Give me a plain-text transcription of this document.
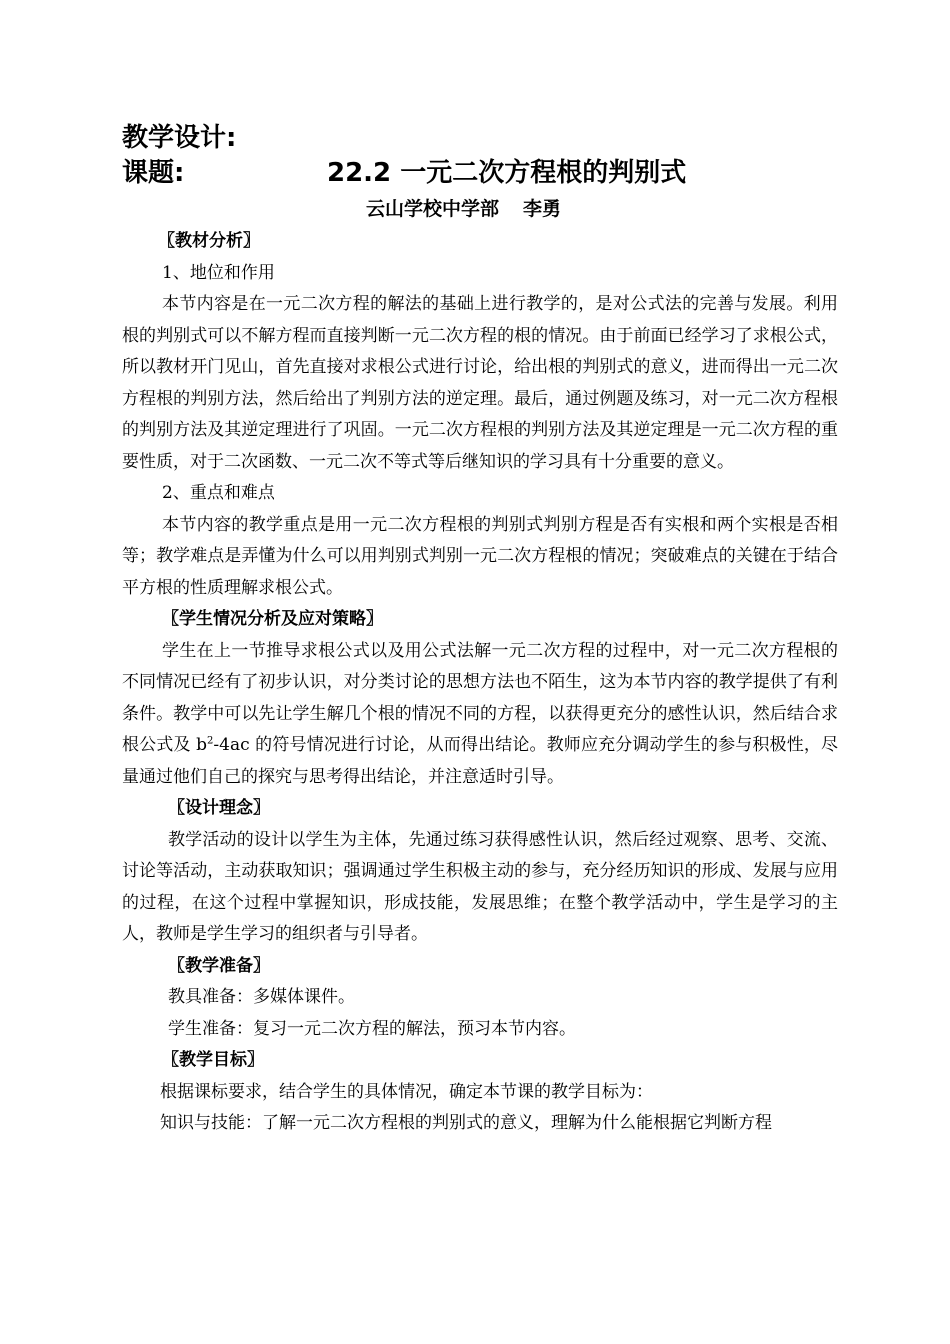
教学设计:
课题:	22.2 一元二次方程根的判别式
云山学校中学部 李勇

〖教材分析〗

1、地位和作用

本节内容是在一元二次方程的解法的基础上进行教学的，是对公式法的完善与发展。利用根的判别式可以不解方程而直接判断一元二次方程的根的情况。由于前面已经学习了求根公式，所以教材开门见山，首先直接对求根公式进行讨论，给出根的判别式的意义，进而得出一元二次方程根的判别方法，然后给出了判别方法的逆定理。最后，通过例题及练习，对一元二次方程根的判别方法及其逆定理进行了巩固。一元二次方程根的判别方法及其逆定理是一元二次方程的重要性质，对于二次函数、一元二次不等式等后继知识的学习具有十分重要的意义。

2、重点和难点

本节内容的教学重点是用一元二次方程根的判别式判别方程是否有实根和两个实根是否相等；教学难点是弄懂为什么可以用判别式判别一元二次方程根的情况；突破难点的关键在于结合平方根的性质理解求根公式。

〖学生情况分析及应对策略〗

学生在上一节推导求根公式以及用公式法解一元二次方程的过程中，对一元二次方程根的不同情况已经有了初步认识，对分类讨论的思想方法也不陌生，这为本节内容的教学提供了有利条件。教学中可以先让学生解几个根的情况不同的方程，以获得更充分的感性认识，然后结合求根公式及 $b^2-4ac$ 的符号情况进行讨论，从而得出结论。教师应充分调动学生的参与积极性，尽量通过他们自己的探究与思考得出结论，并注意适时引导。

〖设计理念〗

教学活动的设计以学生为主体，先通过练习获得感性认识，然后经过观察、思考、交流、讨论等活动，主动获取知识；强调通过学生积极主动的参与，充分经历知识的形成、发展与应用的过程，在这个过程中掌握知识，形成技能，发展思维；在整个教学活动中，学生是学习的主人，教师是学生学习的组织者与引导者。

〖教学准备〗

教具准备：多媒体课件。

学生准备：复习一元二次方程的解法，预习本节内容。

〖教学目标〗

根据课标要求，结合学生的具体情况，确定本节课的教学目标为：

知识与技能：了解一元二次方程根的判别式的意义，理解为什么能根据它判断方程
